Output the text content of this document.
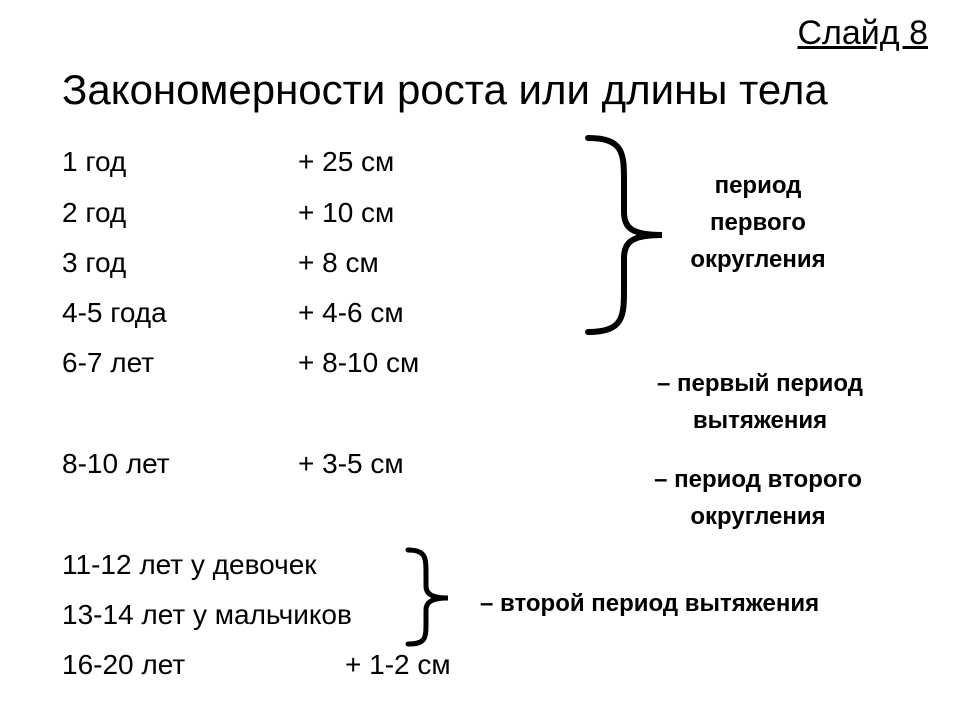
Слайд 8
Закономерности роста или длины тела
1 год
2 год
3 год
4-5 года
6-7 лет
8-10 лет
11-12 лет у девочек
13-14 лет у мальчиков
16-20 лет
+ 25 см
+ 10 см
+ 8 см
+ 4-6 см
+ 8-10 см
+ 3-5 см
+ 1-2 см
период
первого
округления
– первый период
вытяжения
– период второго
округления
– второй период вытяжения
